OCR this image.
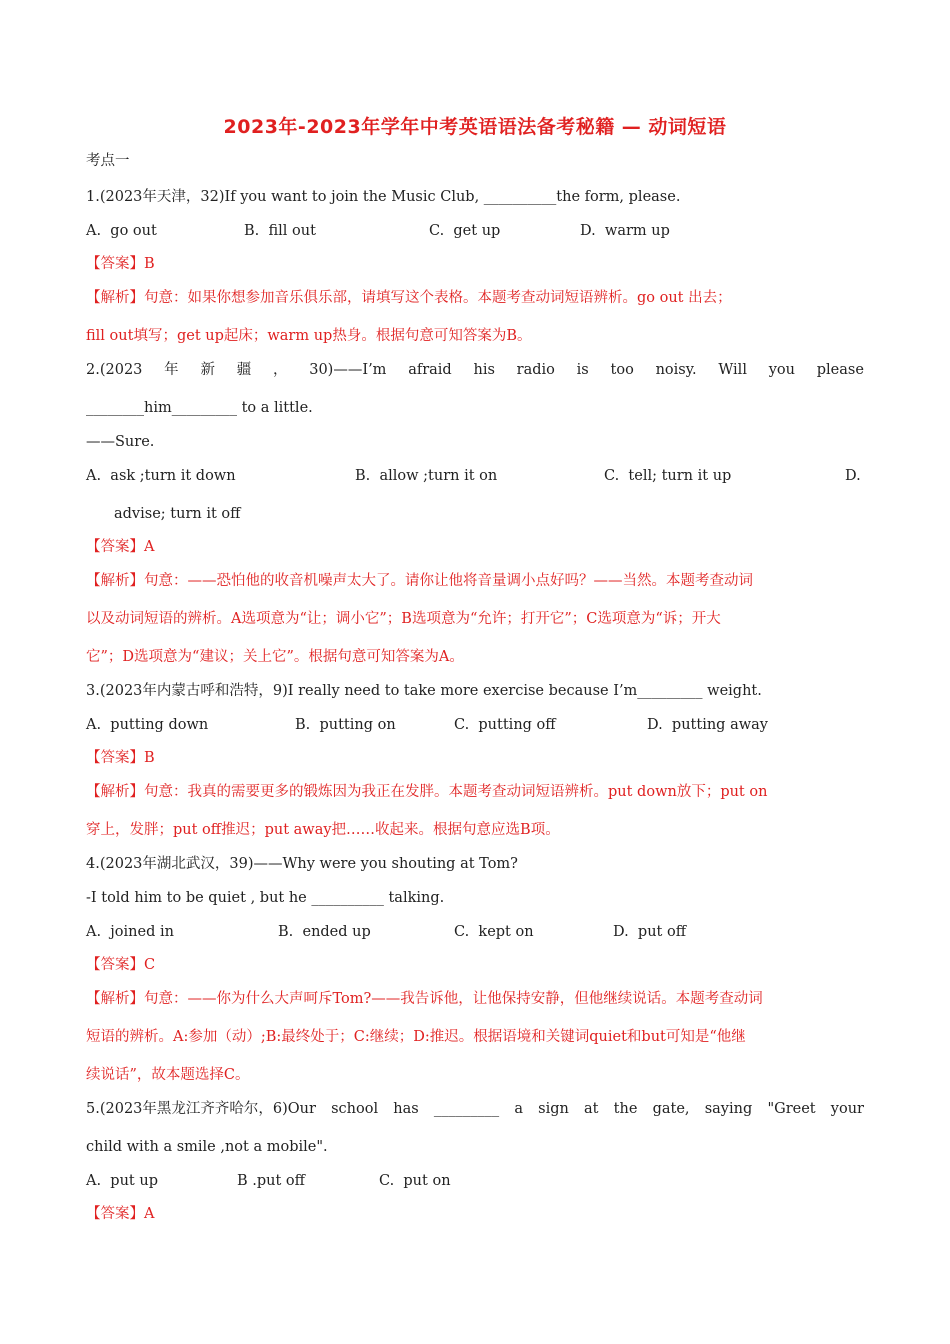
2023年-2023年学年中考英语语法备考秘籍 — 动词短语
考点一
1.(2023年天津，32)If you want to join the Music Club, __________the form, please.
A.  go out	B.  fill out	C.  get up	D.  warm up
【答案】B
【解析】句意：如果你想参加音乐俱乐部，请填写这个表格。本题考查动词短语辨析。go out 出去；
fill out填写；get up起床；warm up热身。根据句意可知答案为B。
2.(2023 年 新 疆 ， 30)——I’m afraid his radio is too noisy. Will you please
________him_________ to a little.
——Sure.
A.  ask ;turn it down	B.  allow ;turn it on	C.  tell; turn it up	D.
advise; turn it off
【答案】A
【解析】句意：——恐怕他的收音机噪声太大了。请你让他将音量调小点好吗？——当然。本题考查动词
以及动词短语的辨析。A选项意为“让；调小它”；B选项意为“允许；打开它”；C选项意为“诉；开大
它”；D选项意为“建议；关上它”。根据句意可知答案为A。
3.(2023年内蒙古呼和浩特，9)I really need to take more exercise because I’m_________ weight.
A.  putting down	B.  putting on	C.  putting off	D.  putting away
【答案】B
【解析】句意：我真的需要更多的锻炼因为我正在发胖。本题考查动词短语辨析。put down放下；put on
穿上，发胖；put off推迟；put away把……收起来。根据句意应选B项。
4.(2023年湖北武汉，39)——Why were you shouting at Tom?
-I told him to be quiet , but he __________ talking.
A.  joined in	B.  ended up	C.  kept on	D.  put off
【答案】C
【解析】句意：——你为什么大声呵斥Tom?——我告诉他，让他保持安静，但他继续说话。本题考查动词
短语的辨析。A:参加（动）;B:最终处于；C:继续；D:推迟。根据语境和关键词quiet和but可知是“他继
续说话”，故本题选择C。
5.(2023年黑龙江齐齐哈尔，6)Our school has _________ a sign at the gate, saying "Greet your
child with a smile ,not a mobile".
A.  put up	B .put off	C.  put on
【答案】A
